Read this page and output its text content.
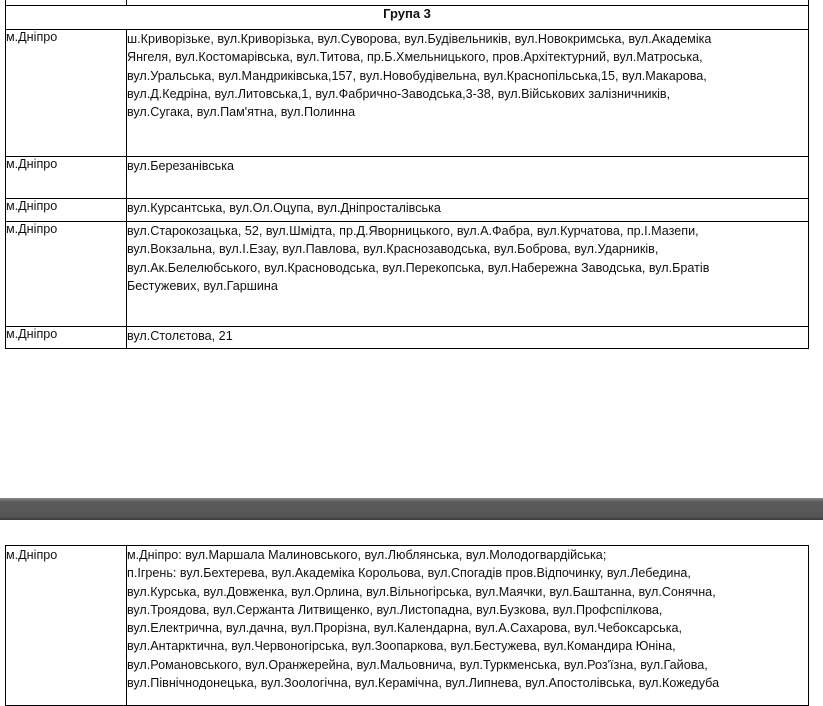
Група 3	
м.Дніпро	ш.Криворізьке, вул.Криворізька, вул.Суворова, вул.Будівельників, вул.Новокримська, вул.Академіка
Янгеля, вул.Костомарівська, вул.Титова, пр.Б.Хмельницького, пров.Архітектурний, вул.Матроська,
вул.Уральська, вул.Мандриківська,157, вул.Новобудівельна, вул.Краснопільська,15, вул.Макарова,
вул.Д.Кедріна, вул.Литовська,1, вул.Фабрично-Заводська,3-38, вул.Військових залізничників,
вул.Сугака, вул.Пам'ятна, вул.Полинна

м.Дніпро	вул.Березанівська

м.Дніпро	вул.Курсантська, вул.Ол.Оцупа, вул.Дніпросталівська

м.Дніпро	вул.Старокозацька, 52, вул.Шмідта, пр.Д.Яворницького, вул.А.Фабра, вул.Курчатова, пр.І.Мазепи,
вул.Вокзальна, вул.І.Езау, вул.Павлова, вул.Краснозаводська, вул.Боброва, вул.Ударників,
вул.Ак.Белелюбського, вул.Красноводська, вул.Перекопська, вул.Набережна Заводська, вул.Братів
Бестужевих, вул.Гаршина

м.Дніпро	вул.Столєтова, 21
м.Дніпро	м.Дніпро: вул.Маршала Малиновського, вул.Люблянська, вул.Молодогвардійська;
п.Ігрень: вул.Бехтерева, вул.Академіка Корольова, вул.Спогадів пров.Відпочинку, вул.Лебедина,
вул.Курська, вул.Довженка, вул.Орлина, вул.Вільногірська, вул.Маячки, вул.Баштанна, вул.Сонячна,
вул.Троядова, вул.Сержанта Литвищенко, вул.Листопадна, вул.Бузкова, вул.Профспілкова,
вул.Електрична, вул.дачна, вул.Прорізна, вул.Календарна, вул.А.Сахарова, вул.Чебоксарська,
вул.Антарктична, вул.Червоногірська, вул.Зоопаркова, вул.Бестужева, вул.Командира Юніна,
вул.Романовського, вул.Оранжерейна, вул.Мальовнича, вул.Туркменська, вул.Роз'їзна, вул.Гайова,
вул.Північнодонецька, вул.Зоологічна, вул.Керамічна, вул.Липнева, вул.Апостолівська, вул.Кожедуба
